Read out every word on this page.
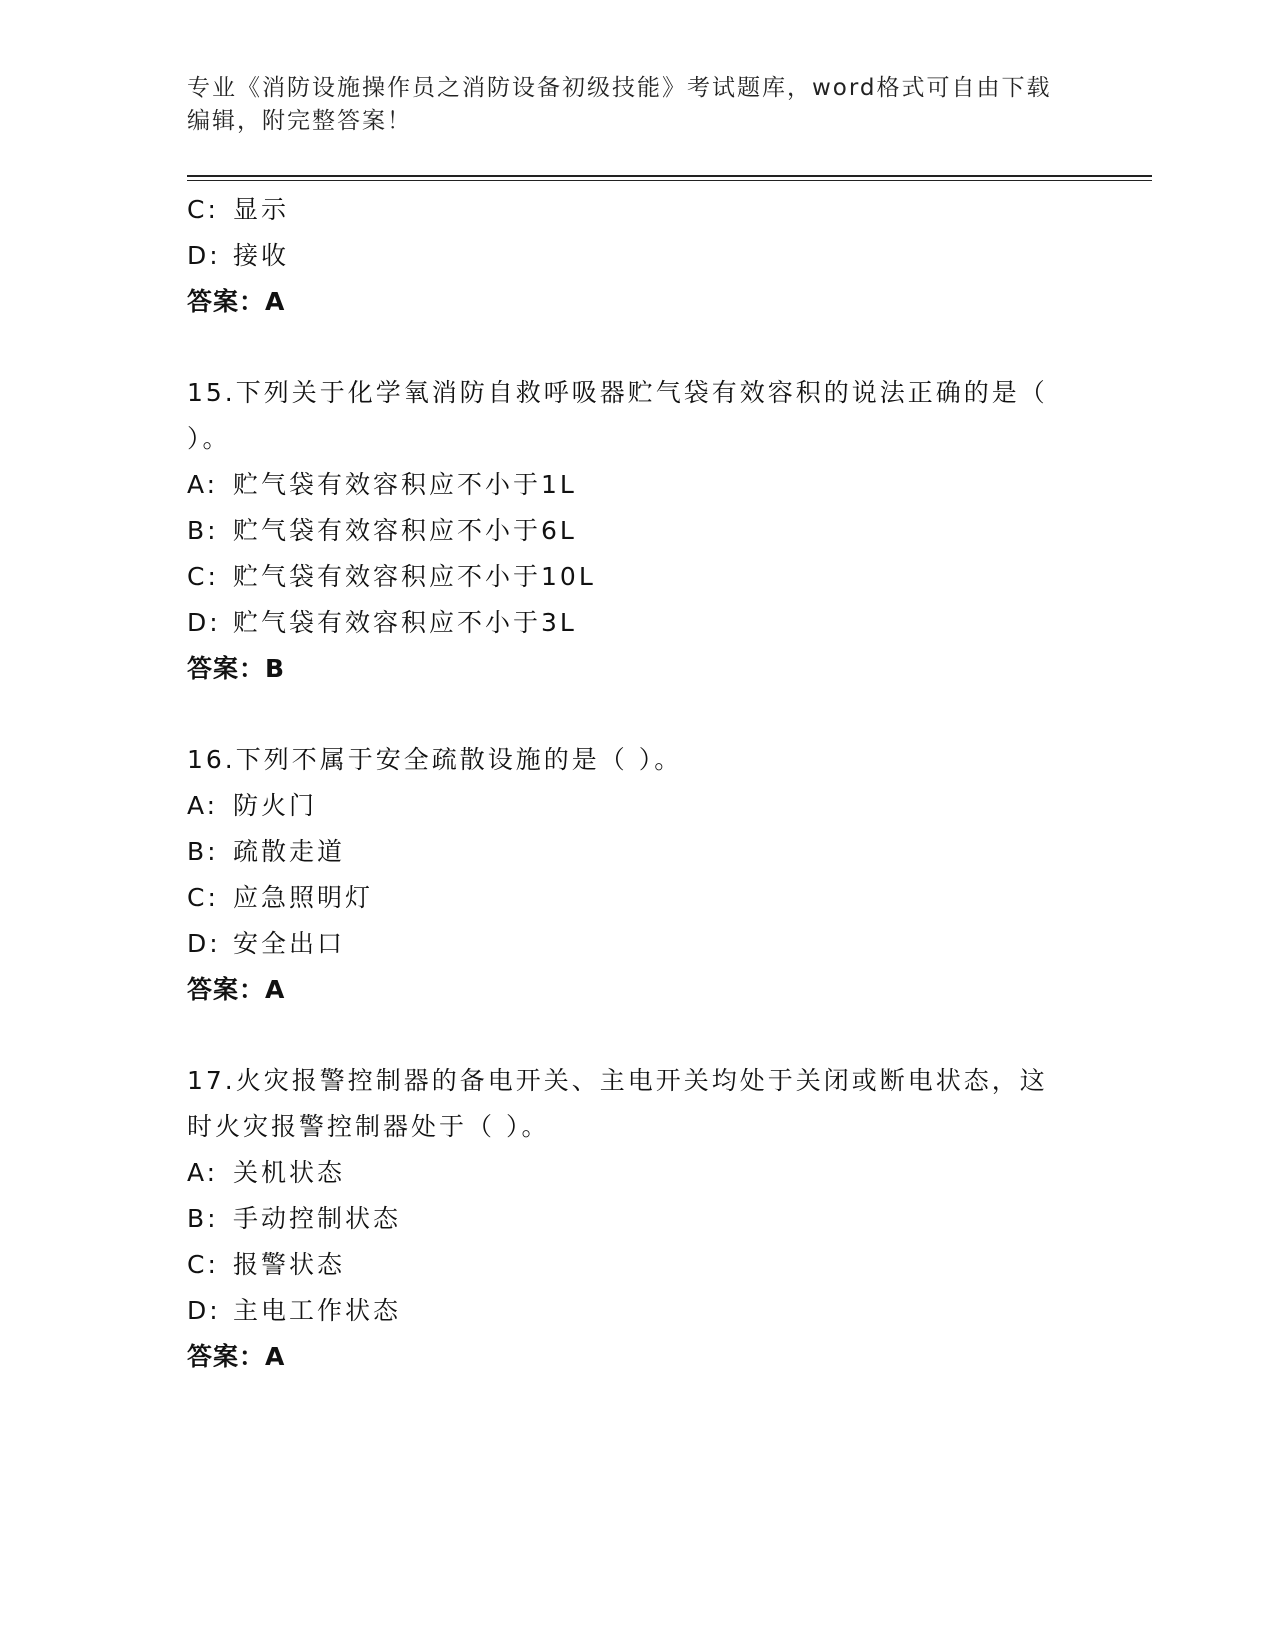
专业《消防设施操作员之消防设备初级技能》考试题库，word格式可自由下载编辑，附完整答案！
C: 显示
D: 接收
答案：A
15.下列关于化学氧消防自救呼吸器贮气袋有效容积的说法正确的是（ ）。
A: 贮气袋有效容积应不小于1L
B: 贮气袋有效容积应不小于6L
C: 贮气袋有效容积应不小于10L
D: 贮气袋有效容积应不小于3L
答案：B
16.下列不属于安全疏散设施的是（ ）。
A: 防火门
B: 疏散走道
C: 应急照明灯
D: 安全出口
答案：A
17.火灾报警控制器的备电开关、主电开关均处于关闭或断电状态，这时火灾报警控制器处于（ ）。
A: 关机状态
B: 手动控制状态
C: 报警状态
D: 主电工作状态
答案：A
